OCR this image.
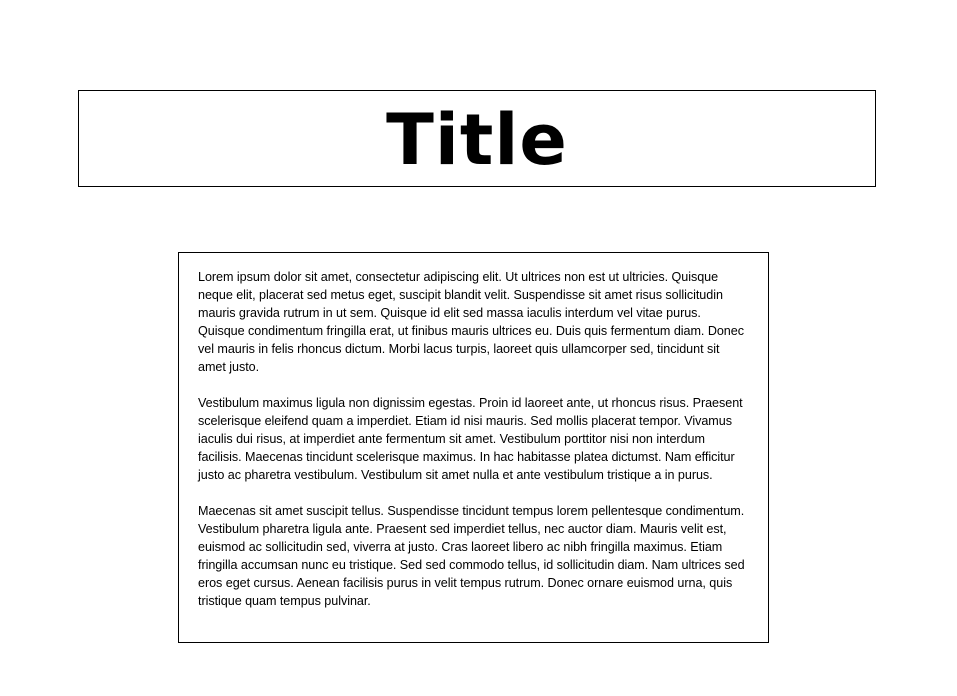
Title

Lorem ipsum dolor sit amet, consectetur adipiscing elit. Ut ultrices non est ut ultricies. Quisque neque elit, placerat sed metus eget, suscipit blandit velit. Suspendisse sit amet risus sollicitudin mauris gravida rutrum in ut sem. Quisque id elit sed massa iaculis interdum vel vitae purus. Quisque condimentum fringilla erat, ut finibus mauris ultrices eu. Duis quis fermentum diam. Donec vel mauris in felis rhoncus dictum. Morbi lacus turpis, laoreet quis ullamcorper sed, tincidunt sit amet justo.

Vestibulum maximus ligula non dignissim egestas. Proin id laoreet ante, ut rhoncus risus. Praesent scelerisque eleifend quam a imperdiet. Etiam id nisi mauris. Sed mollis placerat tempor. Vivamus iaculis dui risus, at imperdiet ante fermentum sit amet. Vestibulum porttitor nisi non interdum facilisis. Maecenas tincidunt scelerisque maximus. In hac habitasse platea dictumst. Nam efficitur justo ac pharetra vestibulum. Vestibulum sit amet nulla et ante vestibulum tristique a in purus.

Maecenas sit amet suscipit tellus. Suspendisse tincidunt tempus lorem pellentesque condimentum. Vestibulum pharetra ligula ante. Praesent sed imperdiet tellus, nec auctor diam. Mauris velit est, euismod ac sollicitudin sed, viverra at justo. Cras laoreet libero ac nibh fringilla maximus. Etiam fringilla accumsan nunc eu tristique. Sed sed commodo tellus, id sollicitudin diam. Nam ultrices sed eros eget cursus. Aenean facilisis purus in velit tempus rutrum. Donec ornare euismod urna, quis tristique quam tempus pulvinar.
